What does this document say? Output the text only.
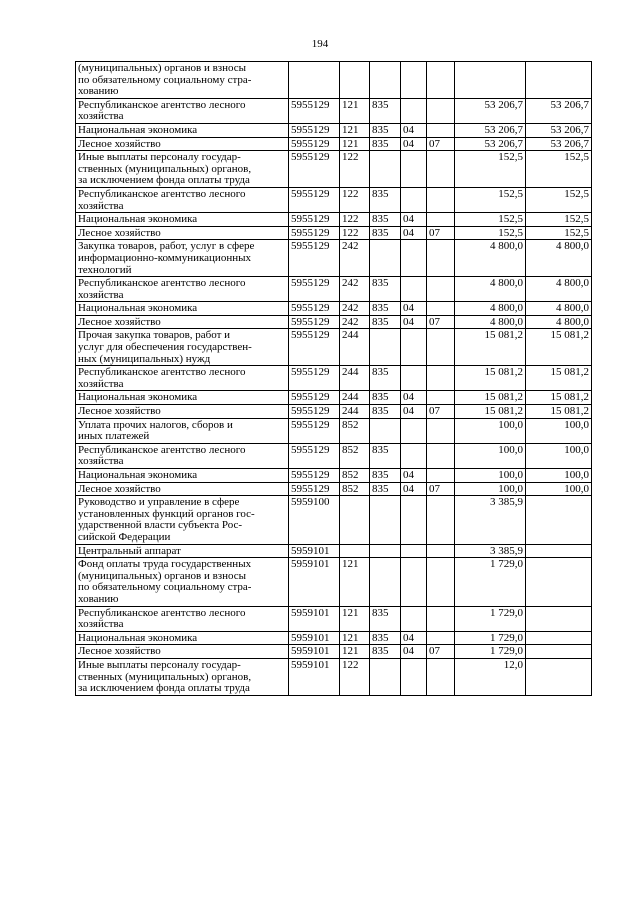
194
(муниципальных) органов и взносы
по обязательному социальному стра-
хованию							
Республиканское агентство лесного
хозяйства	5955129	121	835			53 206,7	53 206,7
Национальная экономика	5955129	121	835	04		53 206,7	53 206,7
Лесное хозяйство	5955129	121	835	04	07	53 206,7	53 206,7
Иные выплаты персоналу государ-
ственных (муниципальных) органов,
за исключением фонда оплаты труда	5955129	122				152,5	152,5
Республиканское агентство лесного
хозяйства	5955129	122	835			152,5	152,5
Национальная экономика	5955129	122	835	04		152,5	152,5
Лесное хозяйство	5955129	122	835	04	07	152,5	152,5
Закупка товаров, работ, услуг в сфере
информационно-коммуникационных
технологий	5955129	242				4 800,0	4 800,0
Республиканское агентство лесного
хозяйства	5955129	242	835			4 800,0	4 800,0
Национальная экономика	5955129	242	835	04		4 800,0	4 800,0
Лесное хозяйство	5955129	242	835	04	07	4 800,0	4 800,0
Прочая закупка товаров, работ и
услуг для обеспечения государствен-
ных (муниципальных) нужд	5955129	244				15 081,2	15 081,2
Республиканское агентство лесного
хозяйства	5955129	244	835			15 081,2	15 081,2
Национальная экономика	5955129	244	835	04		15 081,2	15 081,2
Лесное хозяйство	5955129	244	835	04	07	15 081,2	15 081,2
Уплата прочих налогов, сборов и
иных платежей	5955129	852				100,0	100,0
Республиканское агентство лесного
хозяйства	5955129	852	835			100,0	100,0
Национальная экономика	5955129	852	835	04		100,0	100,0
Лесное хозяйство	5955129	852	835	04	07	100,0	100,0
Руководство и управление в сфере
установленных функций органов гос-
ударственной власти субъекта Рос-
сийской Федерации	5959100					3 385,9	
Центральный аппарат	5959101					3 385,9	
Фонд оплаты труда государственных
(муниципальных) органов и взносы
по обязательному социальному стра-
хованию	5959101	121				1 729,0	
Республиканское агентство лесного
хозяйства	5959101	121	835			1 729,0	
Национальная экономика	5959101	121	835	04		1 729,0	
Лесное хозяйство	5959101	121	835	04	07	1 729,0	
Иные выплаты персоналу государ-
ственных (муниципальных) органов,
за исключением фонда оплаты труда	5959101	122				12,0	
